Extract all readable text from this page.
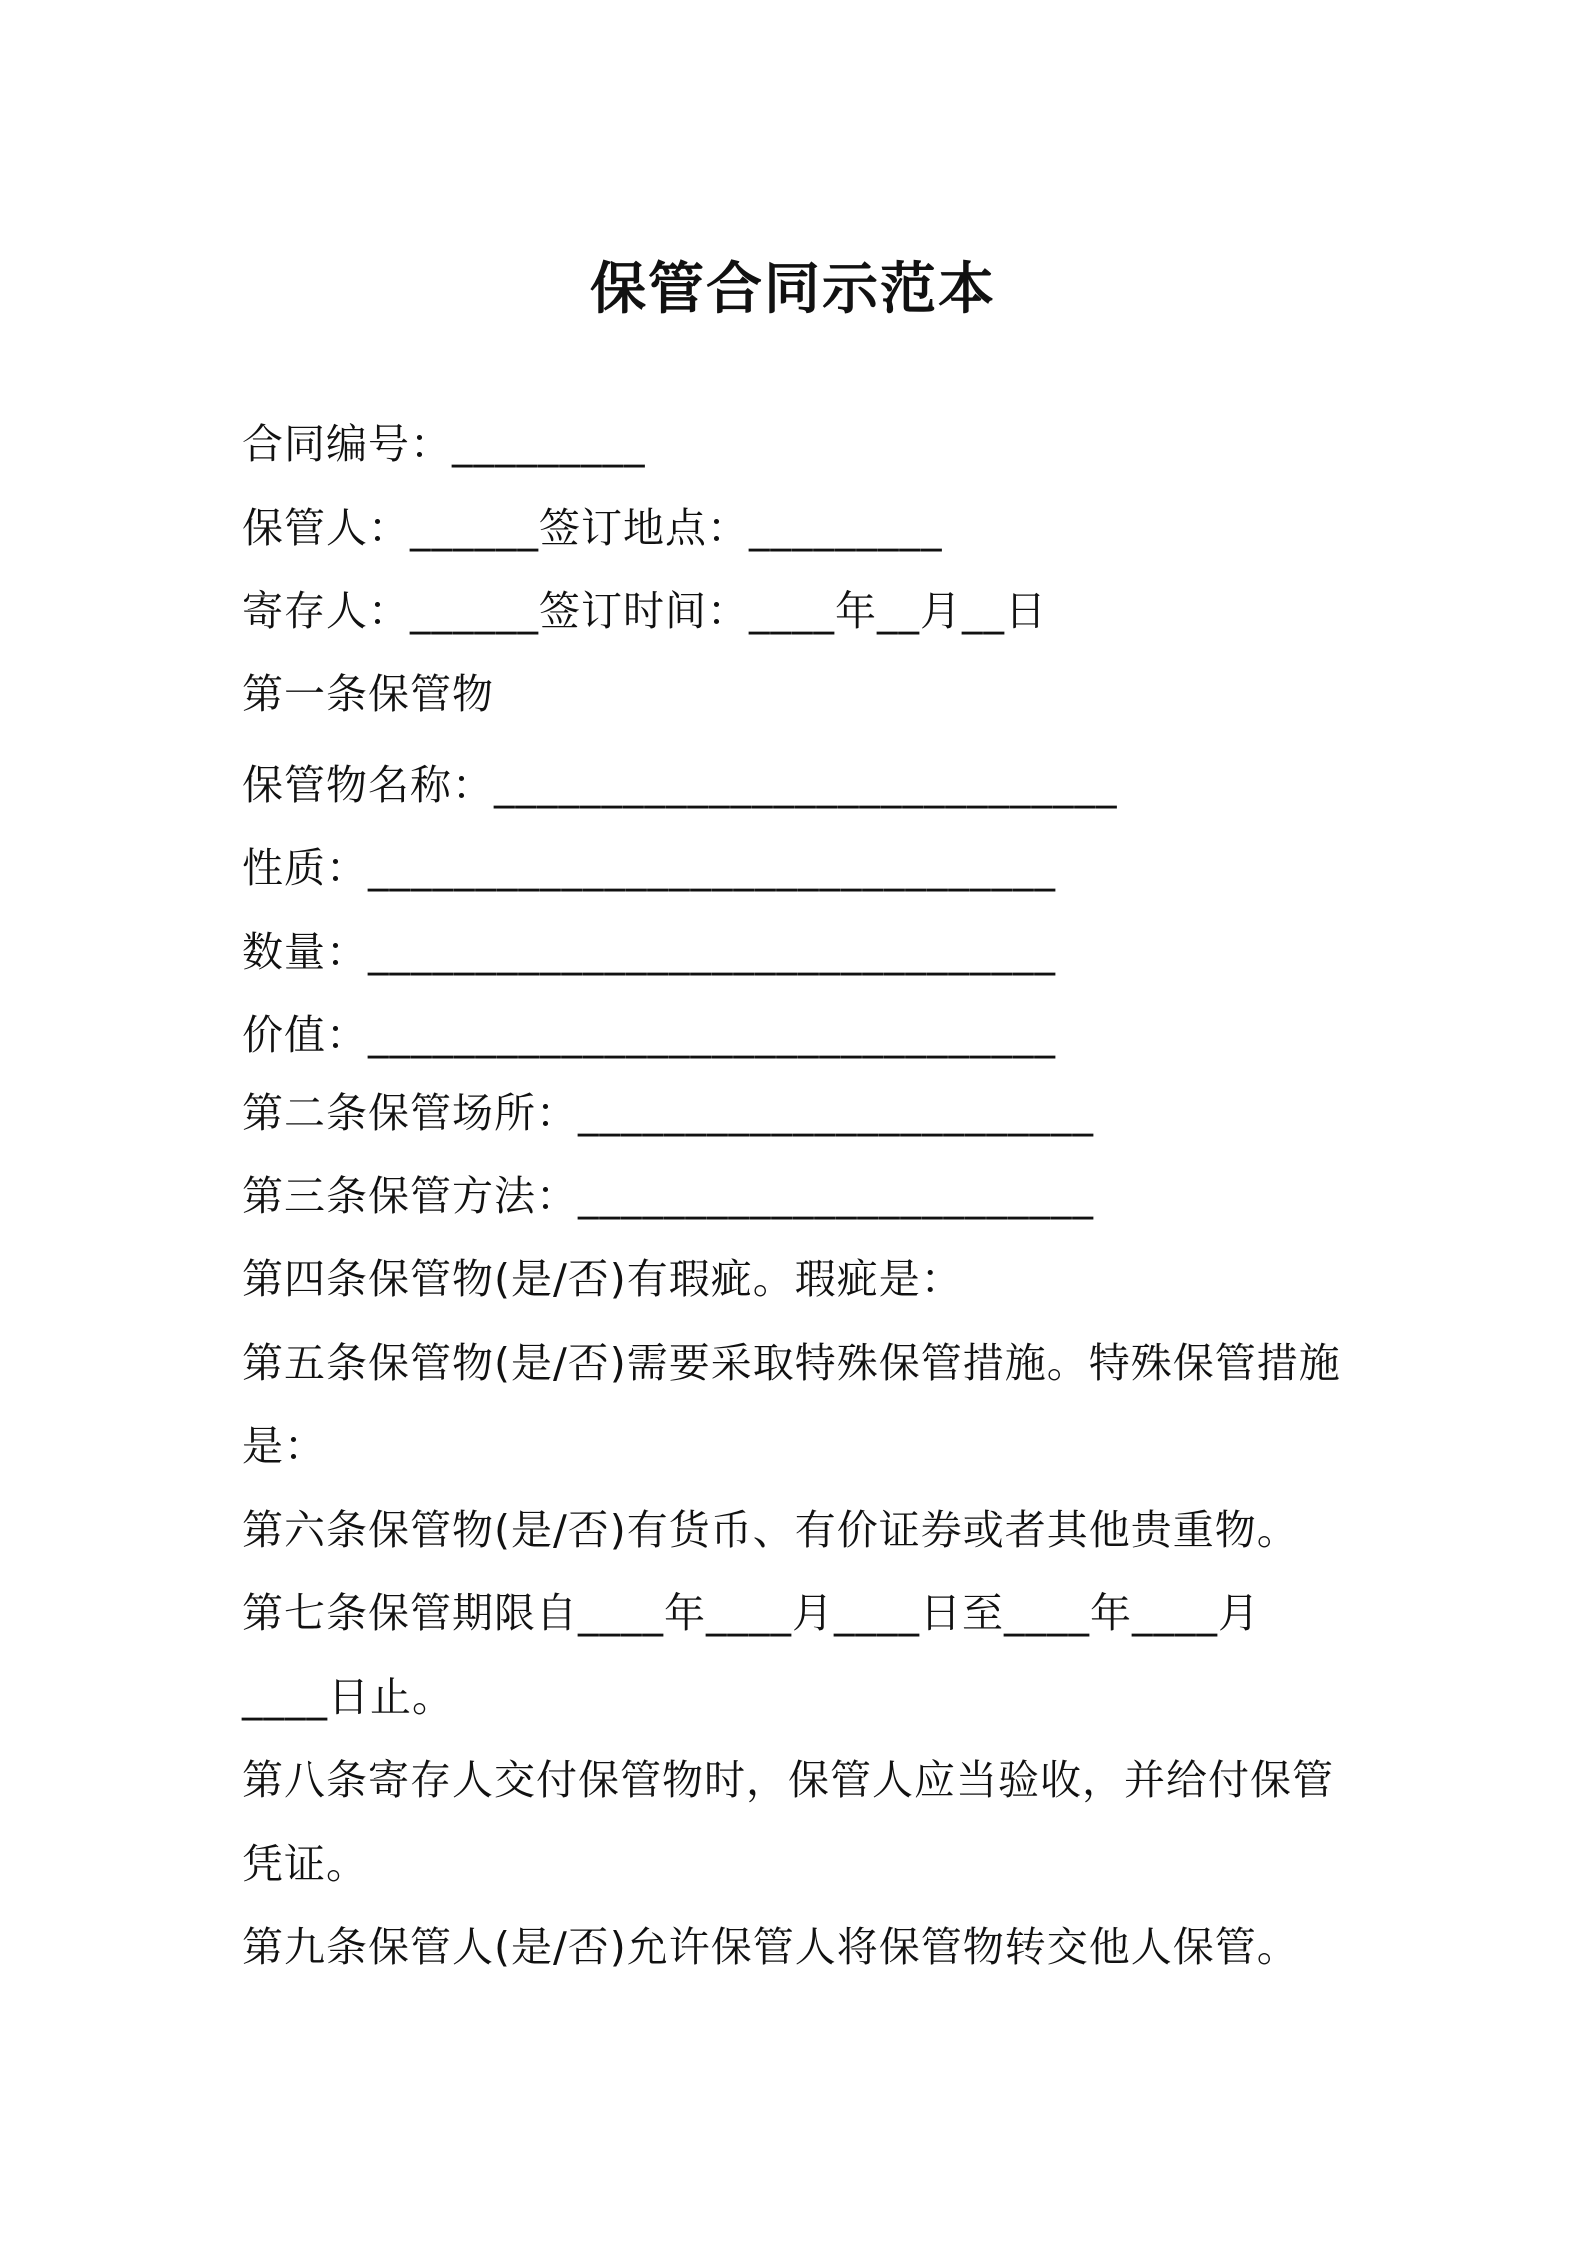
保管合同示范本
合同编号：_________
保管人：______签订地点：_________
寄存人：______签订时间：____年__月__日
第一条保管物
保管物名称：_____________________________
性质：________________________________
数量：________________________________
价值：________________________________
第二条保管场所：________________________
第三条保管方法：________________________
第四条保管物(是/否)有瑕疵。瑕疵是：
第五条保管物(是/否)需要采取特殊保管措施。特殊保管措施
是：
第六条保管物(是/否)有货币、有价证券或者其他贵重物。
第七条保管期限自____年____月____日至____年____月
____日止。
第八条寄存人交付保管物时，保管人应当验收，并给付保管
凭证。
第九条保管人(是/否)允许保管人将保管物转交他人保管。
